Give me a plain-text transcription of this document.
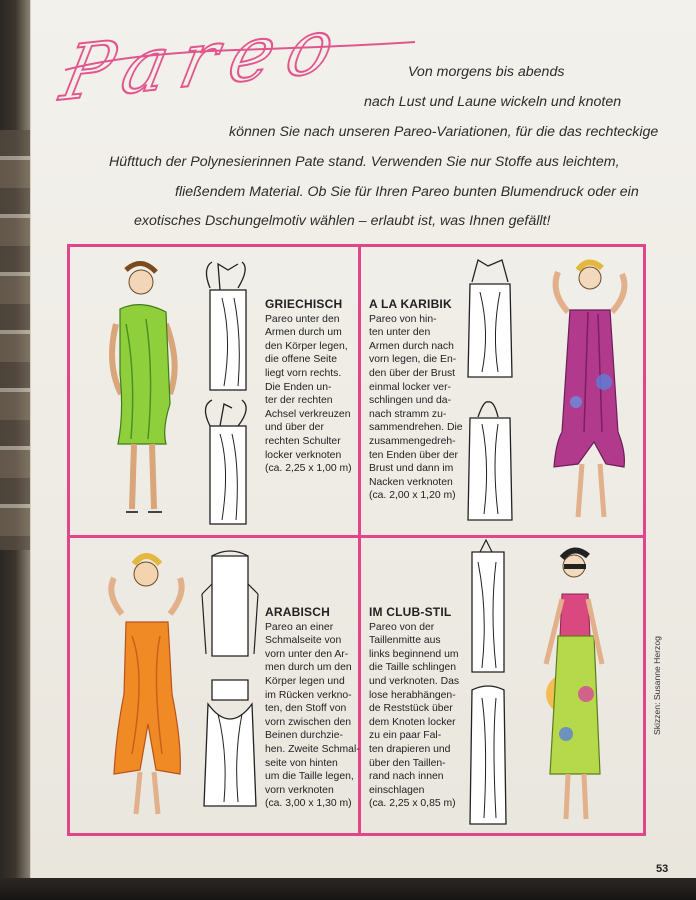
Pareo	Von morgens bis abends
nach Lust und Laune wickeln und knoten
können Sie nach unseren Pareo-Variationen, für die das rechteckige
Hüfttuch der Polynesierinnen Pate stand. Verwenden Sie nur Stoffe aus leichtem,
fließendem Material. Ob Sie für Ihren Pareo bunten Blumendruck oder ein
exotisches Dschungelmotiv wählen – erlaubt ist, was Ihnen gefällt!
GRIECHISCH
Pareo unter den
Armen durch um
den Körper legen,
die offene Seite
liegt vorn rechts.
Die Enden un-
ter der rechten
Achsel verkreuzen
und über der
rechten Schulter
locker verknoten
(ca. 2,25 x 1,00 m)
A LA KARIBIK
Pareo von hin-
ten unter den
Armen durch nach
vorn legen, die En-
den über der Brust
einmal locker ver-
schlingen und da-
nach stramm zu-
sammendrehen. Die
zusammengedreh-
ten Enden über der
Brust und dann im
Nacken verknoten
(ca. 2,00 x 1,20 m)
ARABISCH
Pareo an einer
Schmalseite von
vorn unter den Ar-
men durch um den
Körper legen und
im Rücken verkno-
ten, den Stoff von
vorn zwischen den
Beinen durchzie-
hen. Zweite Schmal-
seite von hinten
um die Taille legen,
vorn verknoten
(ca. 3,00 x 1,30 m)
IM CLUB-STIL
Pareo von der
Taillenmitte aus
links beginnend um
die Taille schlingen
und verknoten. Das
lose herabhängen-
de Reststück über
dem Knoten locker
zu ein paar Fal-
ten drapieren und
über den Taillen-
rand nach innen
einschlagen
(ca. 2,25 x 0,85 m)
Skizzen: Susanne Herzog
53
